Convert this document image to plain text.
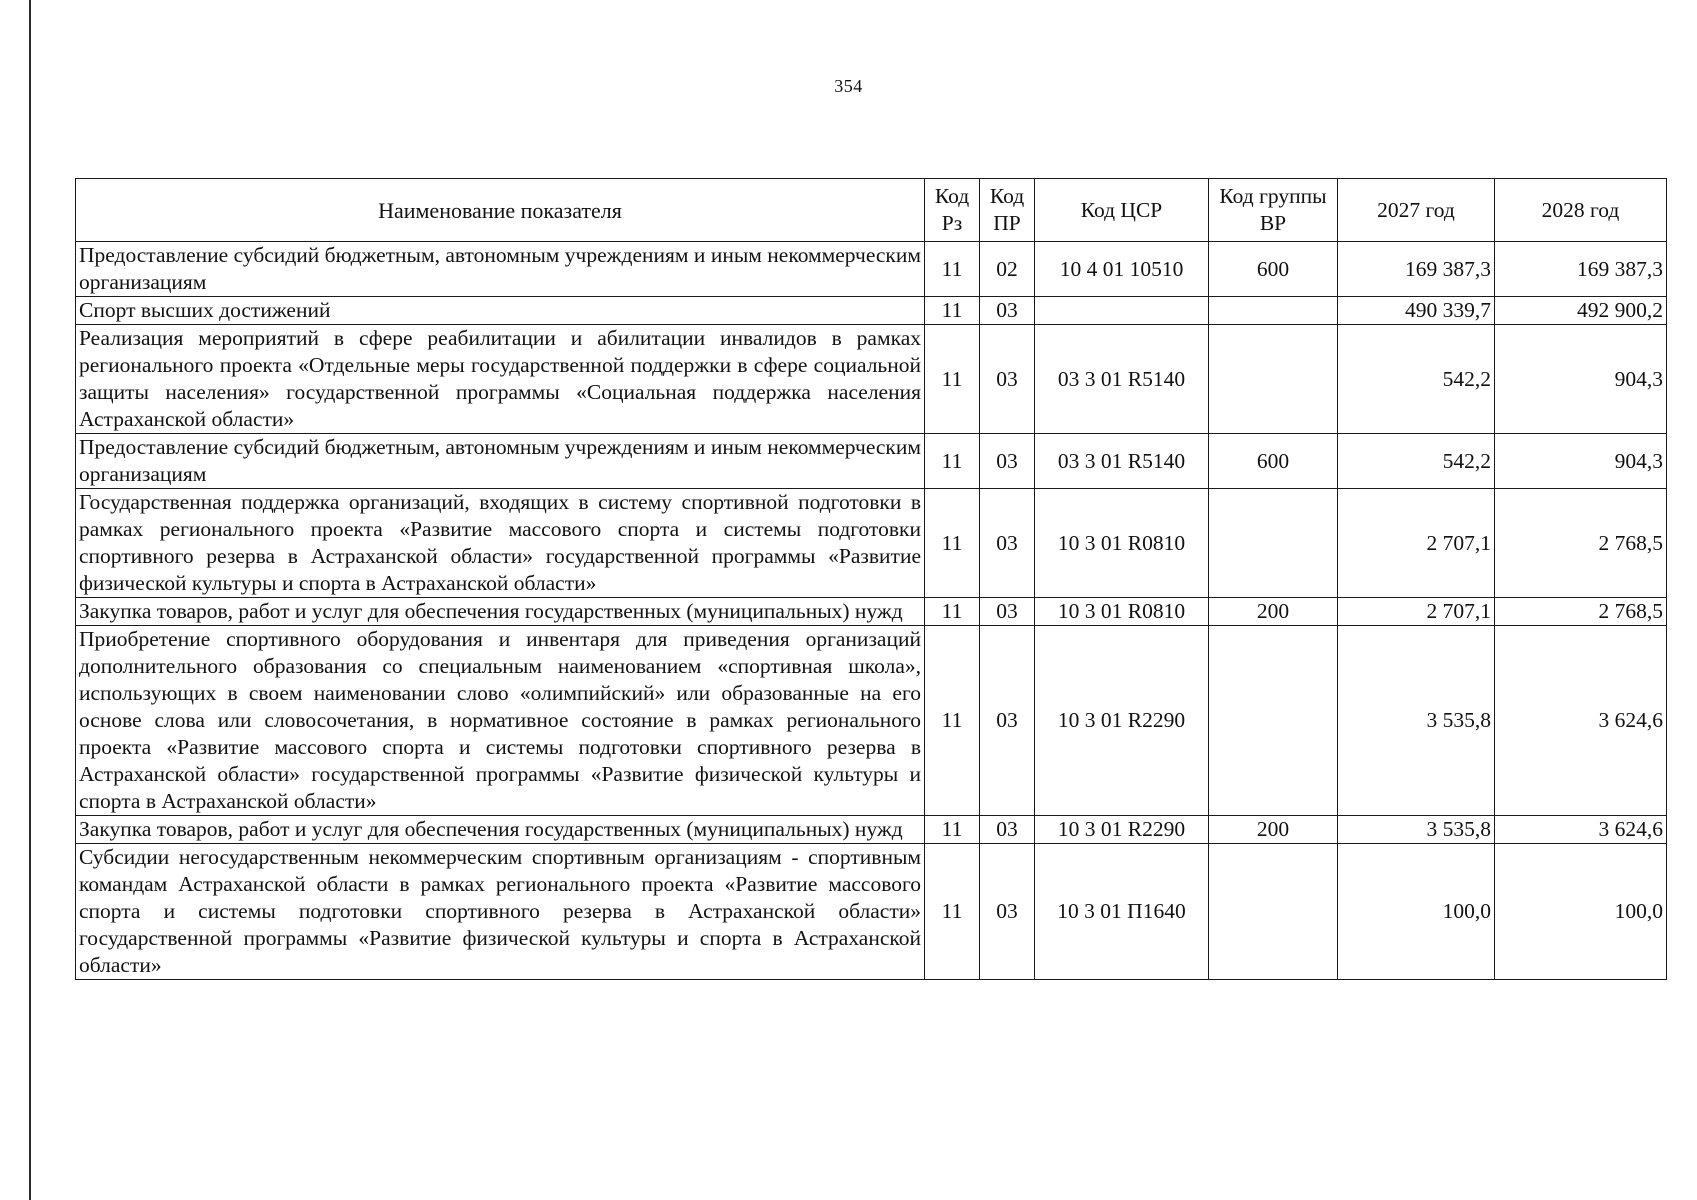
354
Наименование показателя	Код Рз	Код ПР	Код ЦСР	Код группы ВР	2027 год	2028 год
Предоставление субсидий бюджетным, автономным учреждениям и иным некоммерческим организациям	11	02	10 4 01 10510	600	169 387,3	169 387,3
Спорт высших достижений	11	03			490 339,7	492 900,2
Реализация мероприятий в сфере реабилитации и абилитации инвалидов в рамках регионального проекта «Отдельные меры государственной поддержки в сфере социальной защиты населения» государственной программы «Социальная поддержка населения Астраханской области»	11	03	03 3 01 R5140		542,2	904,3
Предоставление субсидий бюджетным, автономным учреждениям и иным некоммерческим организациям	11	03	03 3 01 R5140	600	542,2	904,3
Государственная поддержка организаций, входящих в систему спортивной подготовки в рамках регионального проекта «Развитие массового спорта и системы подготовки спортивного резерва в Астраханской области» государственной программы «Развитие физической культуры и спорта в Астраханской области»	11	03	10 3 01 R0810		2 707,1	2 768,5
Закупка товаров, работ и услуг для обеспечения государственных (муниципальных) нужд	11	03	10 3 01 R0810	200	2 707,1	2 768,5
Приобретение спортивного оборудования и инвентаря для приведения организаций дополнительного образования со специальным наименованием «спортивная школа», использующих в своем наименовании слово «олимпийский» или образованные на его основе слова или словосочетания, в нормативное состояние в рамках регионального проекта «Развитие массового спорта и системы подготовки спортивного резерва в Астраханской области» государственной программы «Развитие физической культуры и спорта в Астраханской области»	11	03	10 3 01 R2290		3 535,8	3 624,6
Закупка товаров, работ и услуг для обеспечения государственных (муниципальных) нужд	11	03	10 3 01 R2290	200	3 535,8	3 624,6
Субсидии негосударственным некоммерческим спортивным организациям - спортивным командам Астраханской области в рамках регионального проекта «Развитие массового спорта и системы подготовки спортивного резерва в Астраханской области» государственной программы «Развитие физической культуры и спорта в Астраханской области»	11	03	10 3 01 П1640		100,0	100,0
